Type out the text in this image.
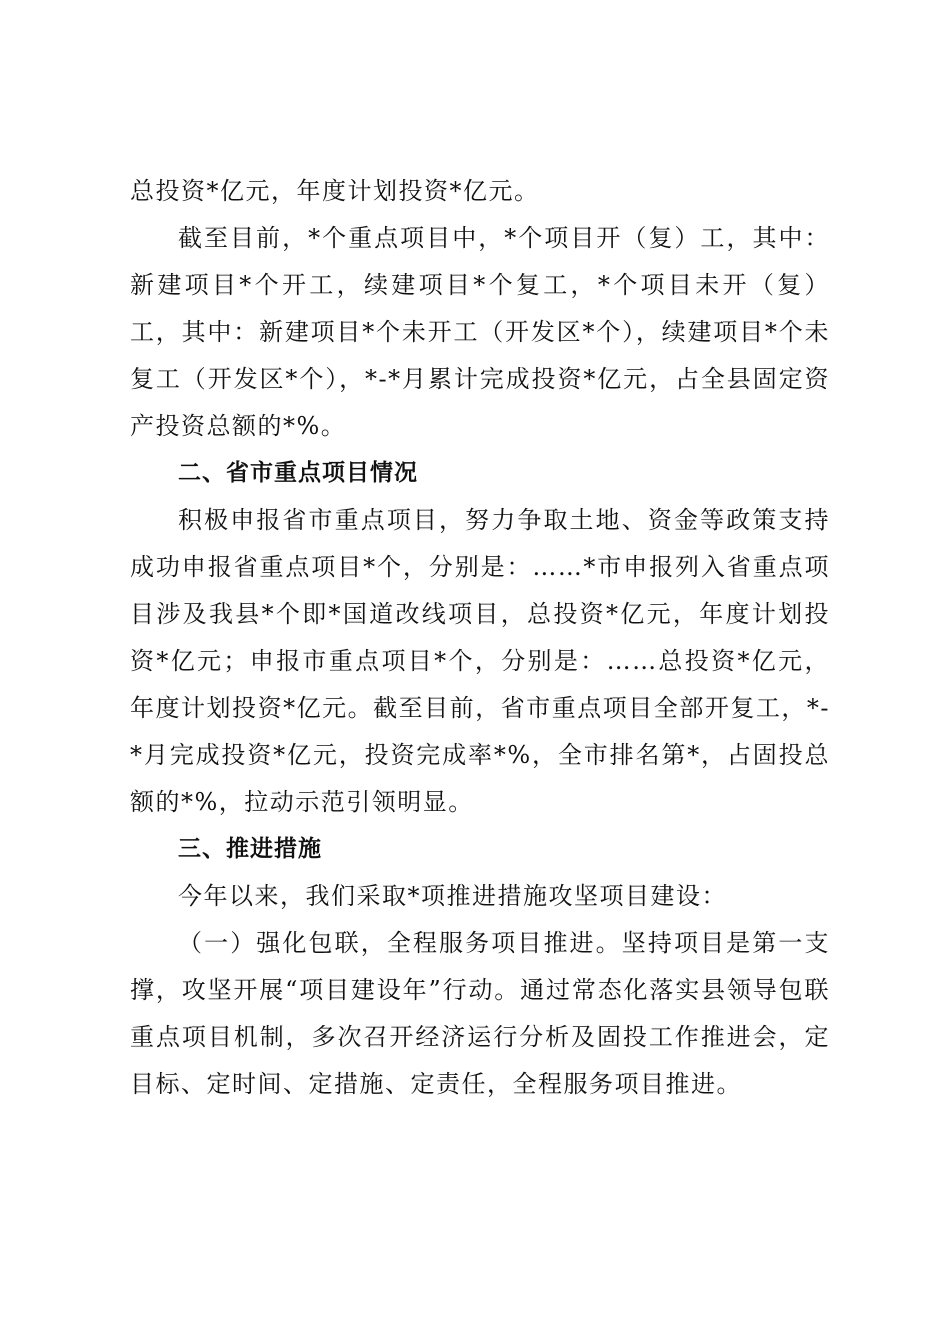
总投资*亿元，年度计划投资*亿元。

截至目前，*个重点项目中，*个项目开（复）工，其中：新建项目*个开工，续建项目*个复工，*个项目未开（复）工，其中：新建项目*个未开工（开发区*个），续建项目*个未复工（开发区*个），*-*月累计完成投资*亿元，占全县固定资产投资总额的*%。

二、省市重点项目情况

积极申报省市重点项目，努力争取土地、资金等政策支持成功申报省重点项目*个，分别是：……*市申报列入省重点项目涉及我县*个即*国道改线项目，总投资*亿元，年度计划投资*亿元；申报市重点项目*个，分别是：……总投资*亿元，年度计划投资*亿元。截至目前，省市重点项目全部开复工，*-*月完成投资*亿元，投资完成率*%，全市排名第*，占固投总额的*%，拉动示范引领明显。

三、推进措施

今年以来，我们采取*项推进措施攻坚项目建设：

（一）强化包联，全程服务项目推进。坚持项目是第一支撑，攻坚开展“项目建设年”行动。通过常态化落实县领导包联重点项目机制，多次召开经济运行分析及固投工作推进会，定目标、定时间、定措施、定责任，全程服务项目推进。
